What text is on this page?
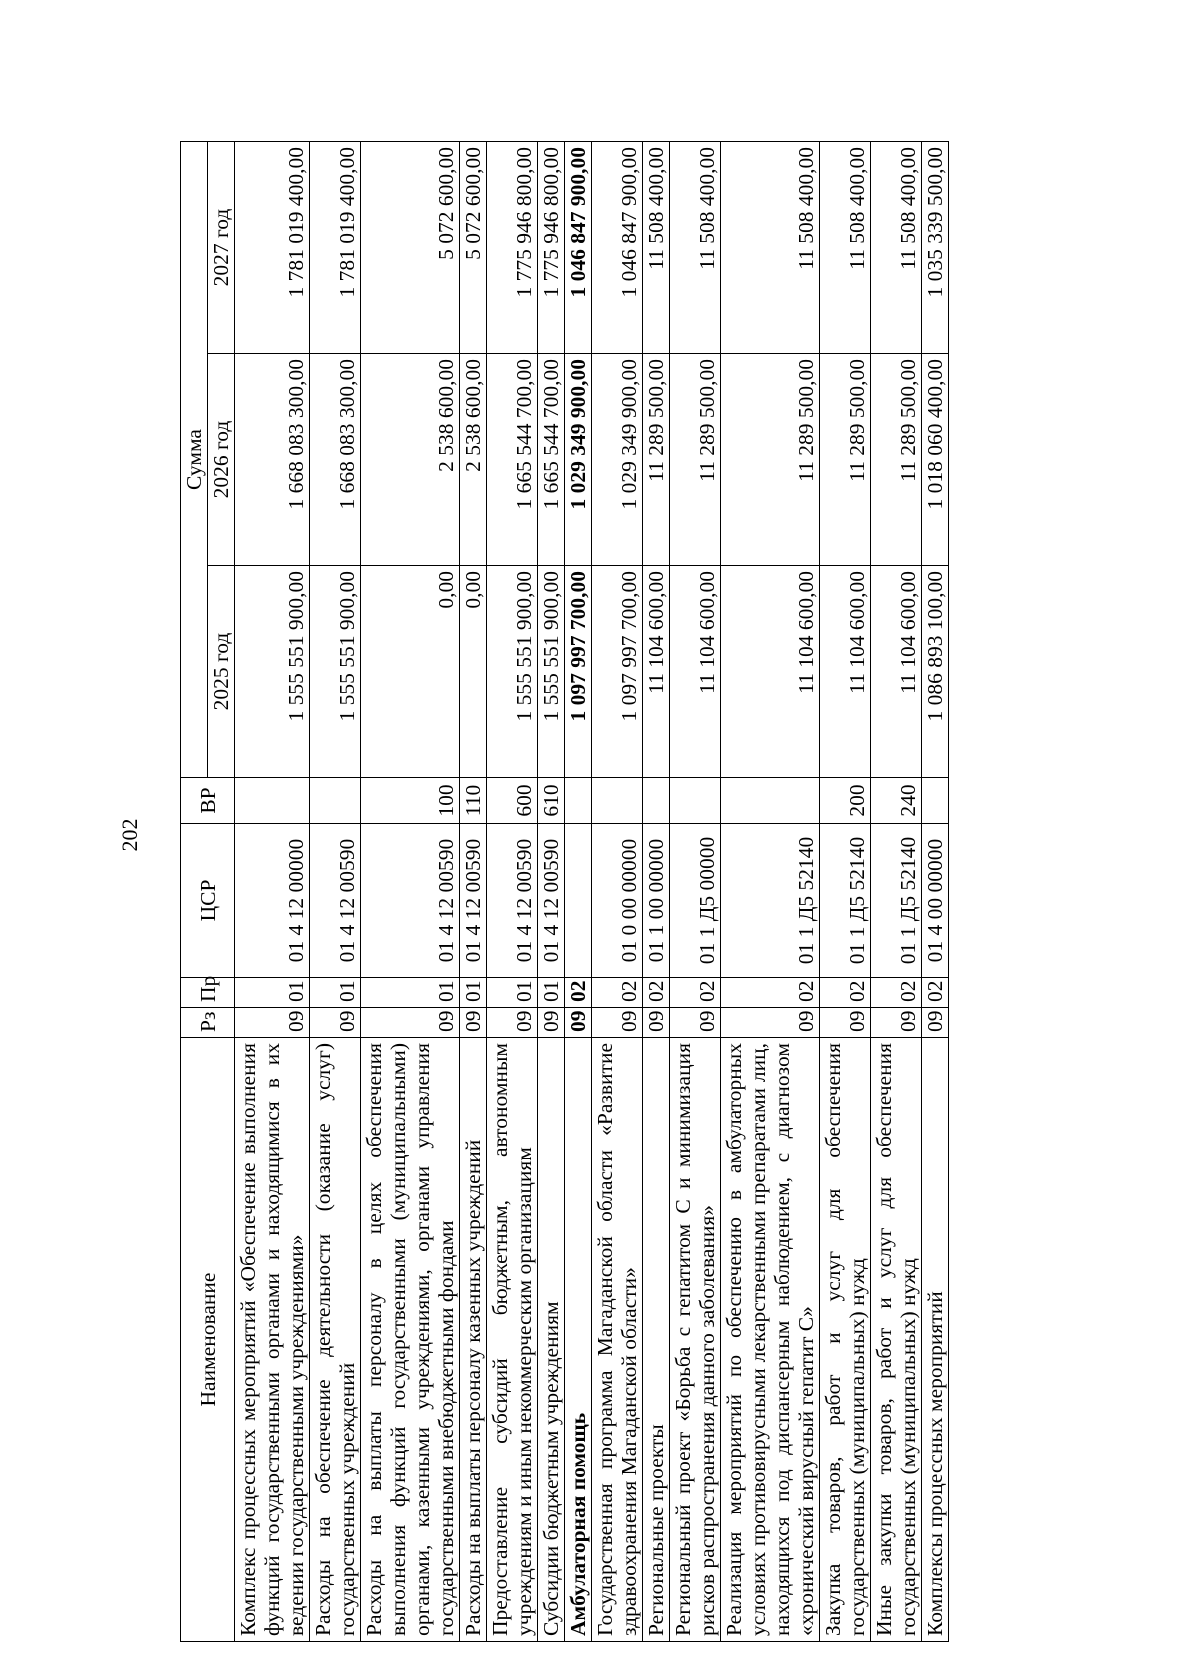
202
Наименование	Рз	Пр	ЦСР	ВР	Сумма		
					2025 год	2026 год	2027 год
Комплекс процессных мероприятий «Обеспечение выполнения функций государственными органами и находящимися в их ведении государственными учреждениями»	09	01	01 4 12 00000		1 555 551 900,00	1 668 083 300,00	1 781 019 400,00
Расходы на обеспечение деятельности (оказание услуг) государственных учреждений	09	01	01 4 12 00590		1 555 551 900,00	1 668 083 300,00	1 781 019 400,00
Расходы на выплаты персоналу в целях обеспечения выполнения функций государственными (муниципальными) органами, казенными учреждениями, органами управления государственными внебюджетными фондами	09	01	01 4 12 00590	100	0,00	2 538 600,00	5 072 600,00
Расходы на выплаты персоналу казенных учреждений	09	01	01 4 12 00590	110	0,00	2 538 600,00	5 072 600,00
Предоставление субсидий бюджетным, автономным учреждениям и иным некоммерческим организациям	09	01	01 4 12 00590	600	1 555 551 900,00	1 665 544 700,00	1 775 946 800,00
Субсидии бюджетным учреждениям	09	01	01 4 12 00590	610	1 555 551 900,00	1 665 544 700,00	1 775 946 800,00
Амбулаторная помощь	09	02			1 097 997 700,00	1 029 349 900,00	1 046 847 900,00
Государственная программа Магаданской области «Развитие здравоохранения Магаданской области»	09	02	01 0 00 00000		1 097 997 700,00	1 029 349 900,00	1 046 847 900,00
Региональные проекты	09	02	01 1 00 00000		11 104 600,00	11 289 500,00	11 508 400,00
Региональный проект «Борьба с гепатитом С и минимизация рисков распространения данного заболевания»	09	02	01 1 Д5 00000		11 104 600,00	11 289 500,00	11 508 400,00
Реализация мероприятий по обеспечению в амбулаторных условиях противовирусными лекарственными препаратами лиц, находящихся под диспансерным наблюдением, с диагнозом «хронический вирусный гепатит С»	09	02	01 1 Д5 52140		11 104 600,00	11 289 500,00	11 508 400,00
Закупка товаров, работ и услуг для обеспечения государственных (муниципальных) нужд	09	02	01 1 Д5 52140	200	11 104 600,00	11 289 500,00	11 508 400,00
Иные закупки товаров, работ и услуг для обеспечения государственных (муниципальных) нужд	09	02	01 1 Д5 52140	240	11 104 600,00	11 289 500,00	11 508 400,00
Комплексы процессных мероприятий	09	02	01 4 00 00000		1 086 893 100,00	1 018 060 400,00	1 035 339 500,00
